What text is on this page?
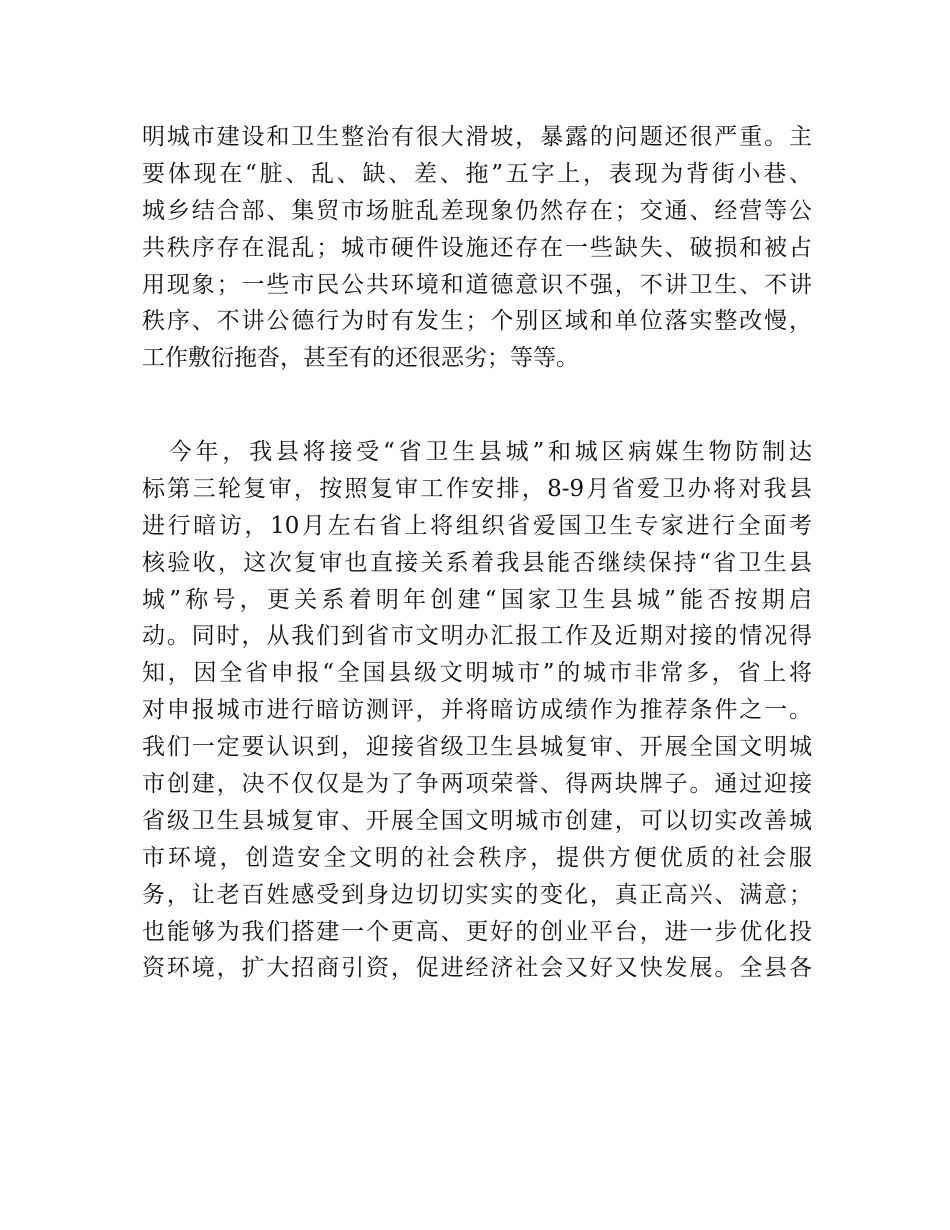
明城市建设和卫生整治有很大滑坡，暴露的问题还很严重。主
要体现在“脏、乱、缺、差、拖”五字上，表现为背街小巷、
城乡结合部、集贸市场脏乱差现象仍然存在；交通、经营等公
共秩序存在混乱；城市硬件设施还存在一些缺失、破损和被占
用现象；一些市民公共环境和道德意识不强，不讲卫生、不讲
秩序、不讲公德行为时有发生；个别区域和单位落实整改慢，
工作敷衍拖沓，甚至有的还很恶劣；等等。
　今年，我县将接受“省卫生县城”和城区病媒生物防制达
标第三轮复审，按照复审工作安排，8-9月省爱卫办将对我县
进行暗访，10月左右省上将组织省爱国卫生专家进行全面考
核验收，这次复审也直接关系着我县能否继续保持“省卫生县
城”称号，更关系着明年创建“国家卫生县城”能否按期启
动。同时，从我们到省市文明办汇报工作及近期对接的情况得
知，因全省申报“全国县级文明城市”的城市非常多，省上将
对申报城市进行暗访测评，并将暗访成绩作为推荐条件之一。
我们一定要认识到，迎接省级卫生县城复审、开展全国文明城
市创建，决不仅仅是为了争两项荣誉、得两块牌子。通过迎接
省级卫生县城复审、开展全国文明城市创建，可以切实改善城
市环境，创造安全文明的社会秩序，提供方便优质的社会服
务，让老百姓感受到身边切切实实的变化，真正高兴、满意；
也能够为我们搭建一个更高、更好的创业平台，进一步优化投
资环境，扩大招商引资，促进经济社会又好又快发展。全县各
